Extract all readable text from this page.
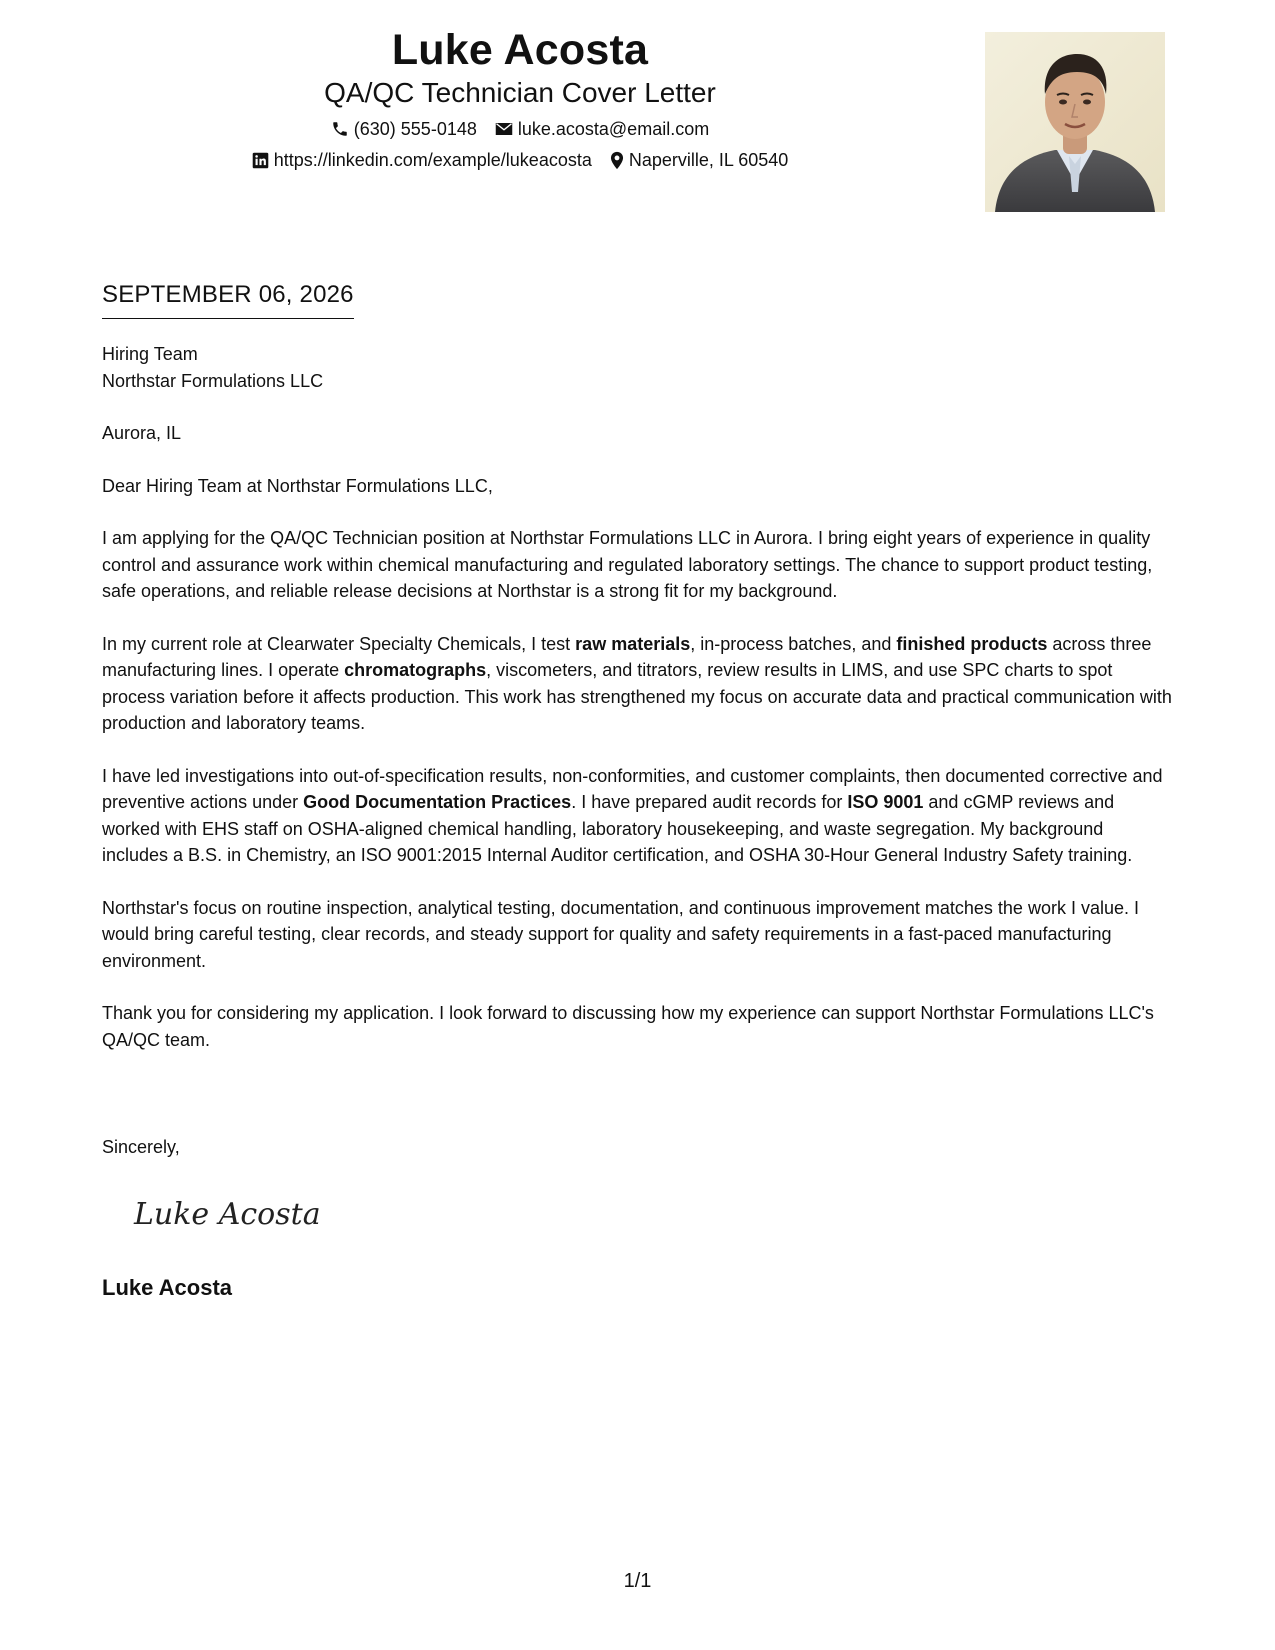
Luke Acosta
QA/QC Technician Cover Letter
(630) 555-0148 luke.acosta@email.com
https://linkedin.com/example/lukeacosta Naperville, IL 60540
SEPTEMBER 06, 2026

Hiring Team

Northstar Formulations LLC

Aurora, IL

Dear Hiring Team at Northstar Formulations LLC,

I am applying for the QA/QC Technician position at Northstar Formulations LLC in Aurora. I bring eight years of experience in quality control and assurance work within chemical manufacturing and regulated laboratory settings. The chance to support product testing, safe operations, and reliable release decisions at Northstar is a strong fit for my background.

In my current role at Clearwater Specialty Chemicals, I test raw materials, in-process batches, and finished products across three manufacturing lines. I operate chromatographs, viscometers, and titrators, review results in LIMS, and use SPC charts to spot process variation before it affects production. This work has strengthened my focus on accurate data and practical communication with production and laboratory teams.

I have led investigations into out-of-specification results, non-conformities, and customer complaints, then documented corrective and preventive actions under Good Documentation Practices. I have prepared audit records for ISO 9001 and cGMP reviews and worked with EHS staff on OSHA-aligned chemical handling, laboratory housekeeping, and waste segregation. My background includes a B.S. in Chemistry, an ISO 9001:2015 Internal Auditor certification, and OSHA 30-Hour General Industry Safety training.

Northstar's focus on routine inspection, analytical testing, documentation, and continuous improvement matches the work I value. I would bring careful testing, clear records, and steady support for quality and safety requirements in a fast-paced manufacturing environment.

Thank you for considering my application. I look forward to discussing how my experience can support Northstar Formulations LLC's QA/QC team.

Sincerely,
Luke Acosta
Luke Acosta
1/1
